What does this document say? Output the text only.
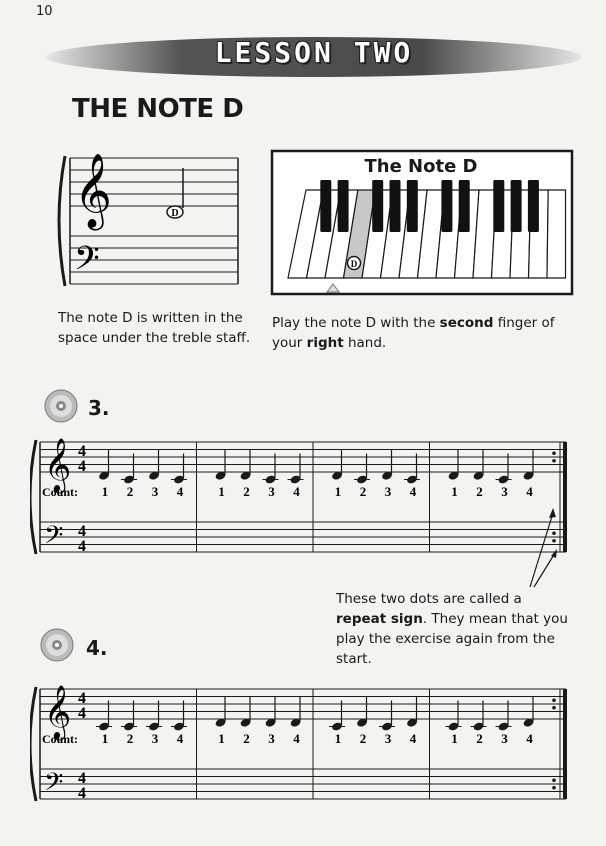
10
LESSON TWO
THE NOTE D
𝄞
𝄢
D
The note D is written in the space under the treble staff.
D
The Note D
Play the note D with the second finger of your right hand.
3.
4.
𝄞
𝄢
4
4
4
4
Count: 1 2 3 4	1 2 3 4	1 2 3 4	1 2 3 4
𝄞
𝄢
4
4
4
4
Count: 1 2 3 4	1 2 3 4	1 2 3 4	1 2 3 4
These two dots are called a repeat sign. They mean that you play the exercise again from the start.
